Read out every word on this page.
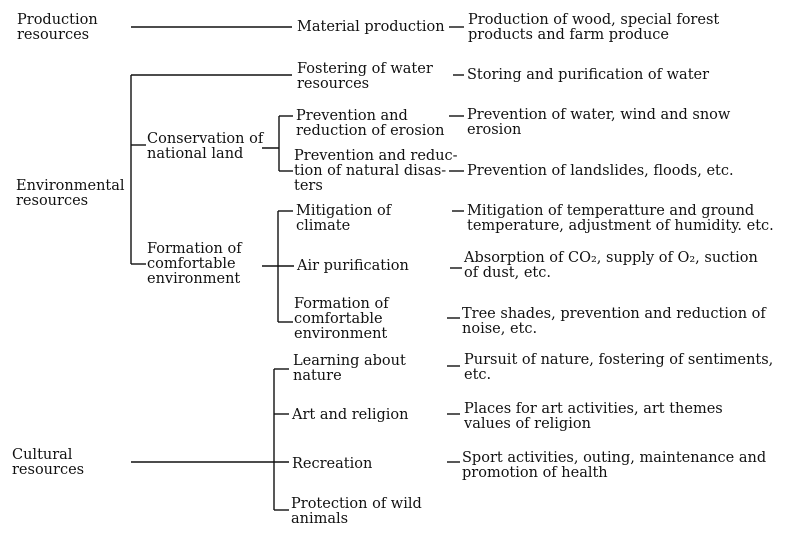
Production
resources
Environmental
resources
Cultural
resources
Conservation of
national land
Formation of
comfortable
environment
Material production
Fostering of water
resources
Prevention and
reduction of erosion
Prevention and reduc-
tion of natural disas-
ters
Mitigation of
climate
Air purification
Formation of
comfortable
environment
Learning about
nature
Art and religion
Recreation
Protection of wild
animals
Production of wood, special forest
products and farm produce
Storing and purification of water
Prevention of water, wind and snow
erosion
Prevention of landslides, floods, etc.
Mitigation of temperatture and ground
temperature, adjustment of humidity. etc.
Absorption of CO₂, supply of O₂, suction
of dust, etc.
Tree shades, prevention and reduction of
noise, etc.
Pursuit of nature, fostering of sentiments,
etc.
Places for art activities, art themes
values of religion
Sport activities, outing, maintenance and
promotion of health
